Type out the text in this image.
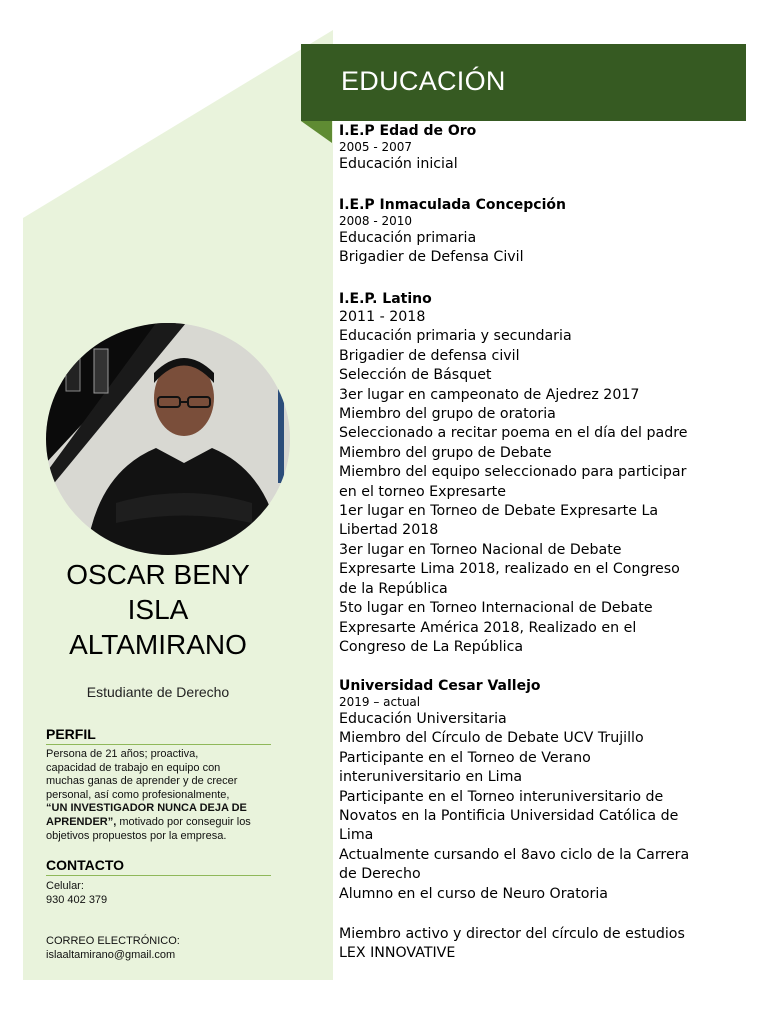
EDUCACIÓN
OSCAR BENY
ISLA
ALTAMIRANO
Estudiante de Derecho
PERFIL
Persona de 21 años; proactiva,
capacidad de trabajo en equipo con
muchas ganas de aprender y de crecer
personal, así como profesionalmente,
“UN INVESTIGADOR NUNCA DEJA DE
APRENDER”, motivado por conseguir los
objetivos propuestos por la empresa.
CONTACTO
Celular:
930 402 379
CORREO ELECTRÓNICO:
islaaltamirano@gmail.com
I.E.P Edad de Oro
2005 - 2007
Educación inicial
I.E.P Inmaculada Concepción
2008 - 2010
Educación primaria
Brigadier de Defensa Civil
I.E.P. Latino
2011 - 2018
Educación primaria y secundaria
Brigadier de defensa civil
Selección de Básquet
3er lugar en campeonato de Ajedrez 2017
Miembro del grupo de oratoria
Seleccionado a recitar poema en el día del padre
Miembro del grupo de Debate
Miembro del equipo seleccionado para participar
en el torneo Expresarte
1er lugar en Torneo de Debate Expresarte La
Libertad 2018
3er lugar en Torneo Nacional de Debate
Expresarte Lima 2018, realizado en el Congreso
de la República
5to lugar en Torneo Internacional de Debate
Expresarte América 2018, Realizado en el
Congreso de La República
Universidad Cesar Vallejo
2019 – actual
Educación Universitaria
Miembro del Círculo de Debate UCV Trujillo
Participante en el Torneo de Verano
interuniversitario en Lima
Participante en el Torneo interuniversitario de
Novatos en la Pontificia Universidad Católica de
Lima
Actualmente cursando el 8avo ciclo de la Carrera
de Derecho
Alumno en el curso de Neuro Oratoria
Miembro activo y director del círculo de estudios
LEX INNOVATIVE
